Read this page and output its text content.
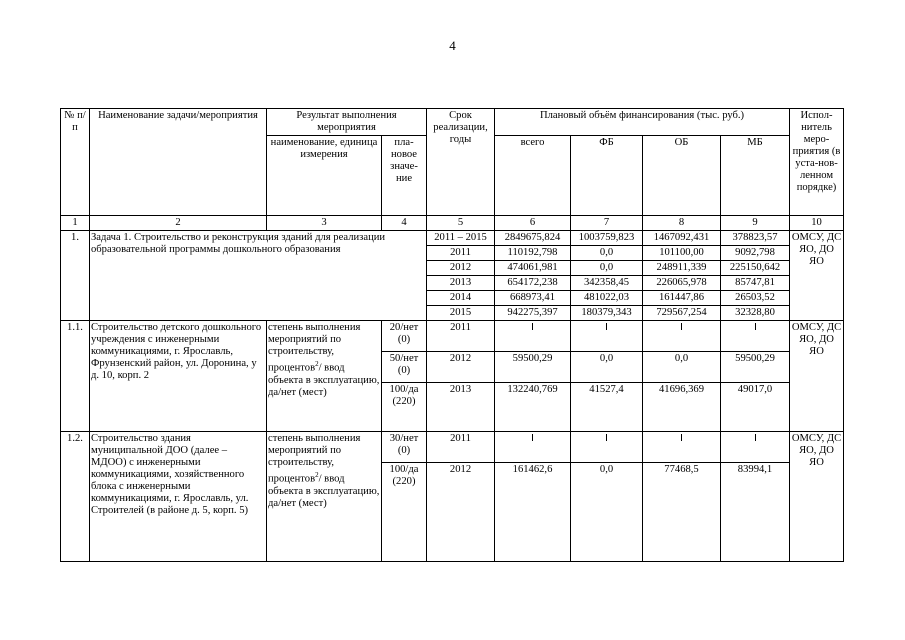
4
№ п/п	Наименование задачи/мероприятия	Результат выполнения мероприятия		Срок реализации, годы	Плановый объём финансирования (тыс. руб.)				Испол-нитель меро-приятия (в уста-нов-ленном порядке)
		наименование, единица измерения	пла-новое значе-ние		всего	ФБ	ОБ	МБ	
1	2	3	4	5	6	7	8	9	10
1.	Задача 1. Строительство и реконструкция зданий для реализации образовательной программы дошкольного образования			2011 – 2015	2849675,824	1003759,823	1467092,431	378823,57	ОМСУ, ДС ЯО, ДО ЯО
				2011	110192,798	0,0	101100,00	9092,798	
				2012	474061,981	0,0	248911,339	225150,642	
				2013	654172,238	342358,45	226065,978	85747,81	
				2014	668973,41	481022,03	161447,86	26503,52	
				2015	942275,397	180379,343	729567,254	32328,80	
1.1.	Строительство детского дошкольного учреждения с инженерными коммуникациями, г. Ярославль, Фрунзенский район, ул. Доронина, у д. 10, корп. 2	степень выполнения мероприятий по строительству, процентов$^2$/ ввод объекта в эксплуатацию, да/нет (мест)	20/нет (0)	2011					ОМСУ, ДС ЯО, ДО ЯО
			50/нет (0)	2012	59500,29	0,0	0,0	59500,29	
			100/да (220)	2013	132240,769	41527,4	41696,369	49017,0	
1.2.	Строительство здания муниципальной ДОО (далее – МДОО) с инженерными коммуникациями, хозяйственного блока с инженерными коммуникациями, г. Ярославль, ул. Строителей (в районе д. 5, корп. 5)	степень выполнения мероприятий по строительству, процентов$^2$/ ввод объекта в эксплуатацию, да/нет (мест)	30/нет (0)	2011					ОМСУ, ДС ЯО, ДО ЯО
			100/да (220)	2012	161462,6	0,0	77468,5	83994,1	
